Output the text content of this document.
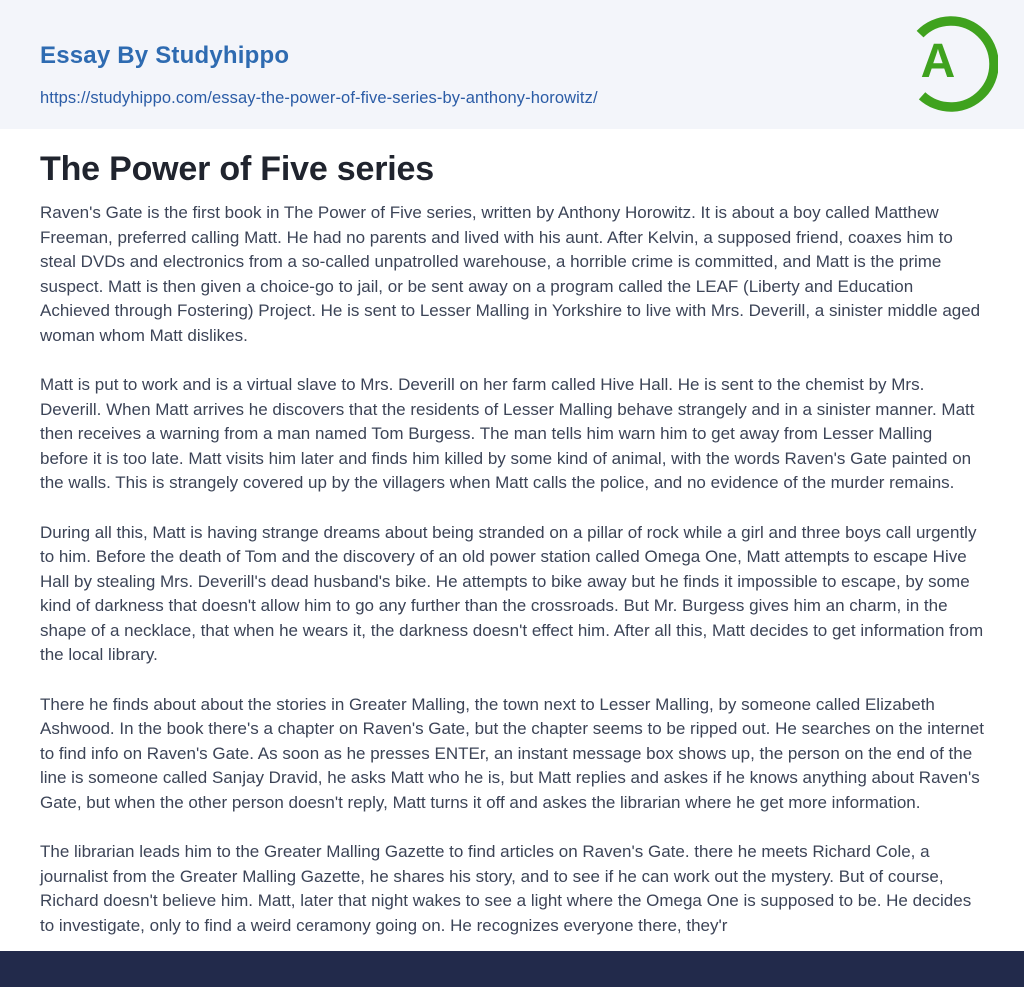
Essay By Studyhippo
https://studyhippo.com/essay-the-power-of-five-series-by-anthony-horowitz/
A
The Power of Five series

Raven's Gate is the first book in The Power of Five series, written by Anthony Horowitz. It is about a boy called Matthew Freeman, preferred calling Matt. He had no parents and lived with his aunt. After Kelvin, a supposed friend, coaxes him to steal DVDs and electronics from a so-called unpatrolled warehouse, a horrible crime is committed, and Matt is the prime suspect. Matt is then given a choice-go to jail, or be sent away on a program called the LEAF (Liberty and Education Achieved through Fostering) Project. He is sent to Lesser Malling in Yorkshire to live with Mrs. Deverill, a sinister middle aged woman whom Matt dislikes.

Matt is put to work and is a virtual slave to Mrs. Deverill on her farm called Hive Hall. He is sent to the chemist by Mrs. Deverill. When Matt arrives he discovers that the residents of Lesser Malling behave strangely and in a sinister manner. Matt then receives a warning from a man named Tom Burgess. The man tells him warn him to get away from Lesser Malling before it is too late. Matt visits him later and finds him killed by some kind of animal, with the words Raven's Gate painted on the walls. This is strangely covered up by the villagers when Matt calls the police, and no evidence of the murder remains.

During all this, Matt is having strange dreams about being stranded on a pillar of rock while a girl and three boys call urgently to him. Before the death of Tom and the discovery of an old power station called Omega One, Matt attempts to escape Hive Hall by stealing Mrs. Deverill's dead husband's bike. He attempts to bike away but he finds it impossible to escape, by some kind of darkness that doesn't allow him to go any further than the crossroads. But Mr. Burgess gives him an charm, in the shape of a necklace, that when he wears it, the darkness doesn't effect him. After all this, Matt decides to get information from the local library.

There he finds about about the stories in Greater Malling, the town next to Lesser Malling, by someone called Elizabeth Ashwood. In the book there's a chapter on Raven's Gate, but the chapter seems to be ripped out. He searches on the internet to find info on Raven's Gate. As soon as he presses ENTEr, an instant message box shows up, the person on the end of the line is someone called Sanjay Dravid, he asks Matt who he is, but Matt replies and askes if he knows anything about Raven's Gate, but when the other person doesn't reply, Matt turns it off and askes the librarian where he get more information.

The librarian leads him to the Greater Malling Gazette to find articles on Raven's Gate. there he meets Richard Cole, a journalist from the Greater Malling Gazette, he shares his story, and to see if he can work out the mystery. But of course, Richard doesn't believe him. Matt, later that night wakes to see a light where the Omega One is supposed to be. He decides to investigate, only to find a weird ceramony going on. He recognizes everyone there, they'r
